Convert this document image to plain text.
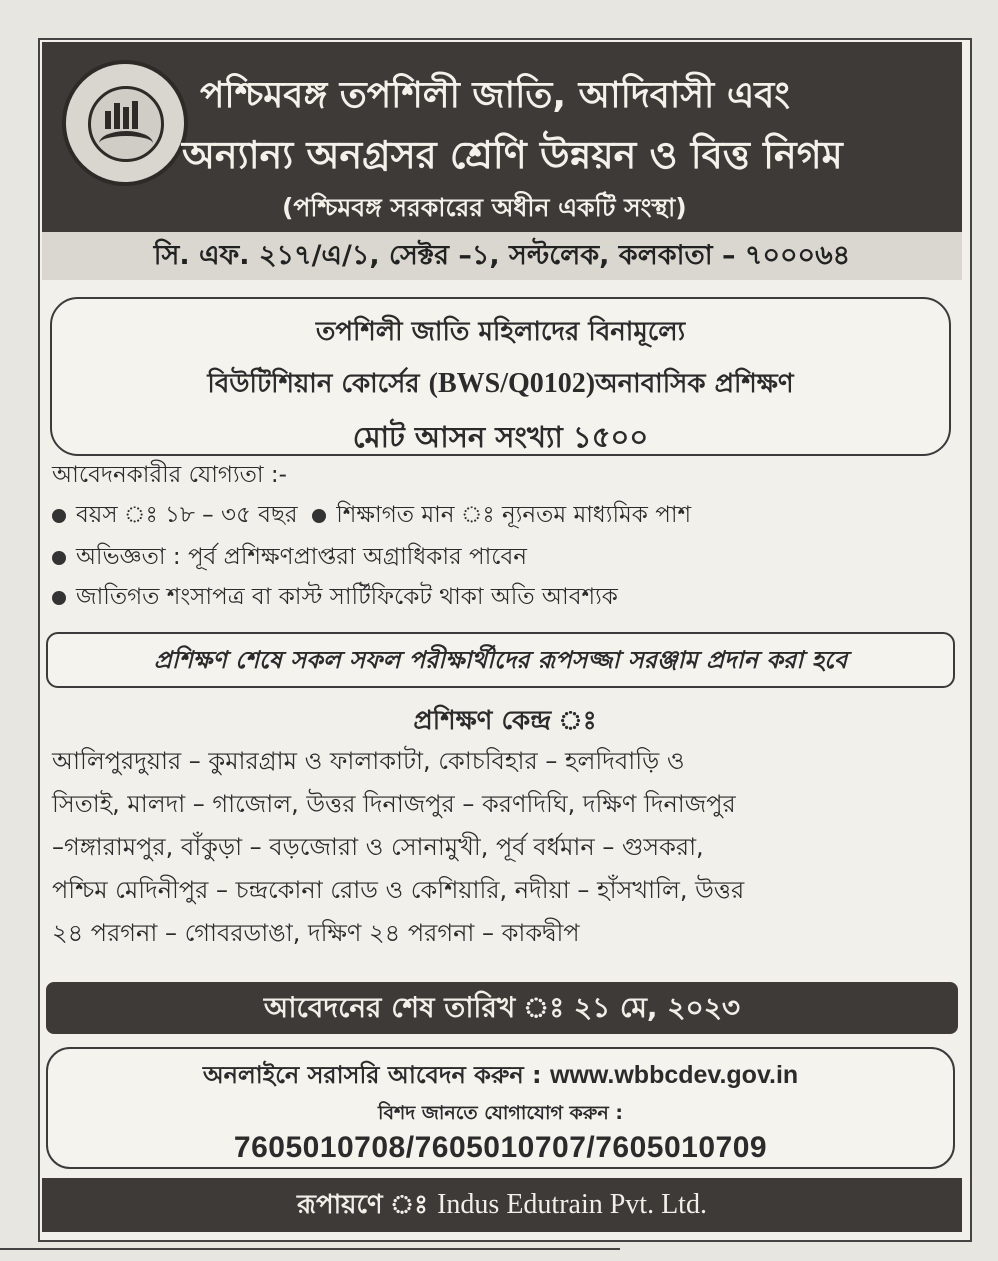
পশ্চিমবঙ্গ তপশিলী জাতি, আদিবাসী এবং
অন্যান্য অনগ্রসর শ্রেণি উন্নয়ন ও বিত্ত নিগম
(পশ্চিমবঙ্গ সরকারের অধীন একটি সংস্থা)
সি. এফ. ২১৭/এ/১, সেক্টর –১, সল্টলেক, কলকাতা – ৭০০০৬৪
তপশিলী জাতি মহিলাদের বিনামূল্যে
বিউটিশিয়ান কোর্সের (BWS/Q0102)অনাবাসিক প্রশিক্ষণ
মোট আসন সংখ্যা ১৫০০
আবেদনকারীর যোগ্যতা :-
বয়স ঃ ১৮ – ৩৫ বছর শিক্ষাগত মান ঃ ন্যূনতম মাধ্যমিক পাশ
অভিজ্ঞতা : পূর্ব প্রশিক্ষণপ্রাপ্তরা অগ্রাধিকার পাবেন
জাতিগত শংসাপত্র বা কাস্ট সার্টিফিকেট থাকা অতি আবশ্যক
প্রশিক্ষণ শেষে সকল সফল পরীক্ষার্থীদের রূপসজ্জা সরঞ্জাম প্রদান করা হবে
প্রশিক্ষণ কেন্দ্র ঃ
আলিপুরদুয়ার – কুমারগ্রাম ও ফালাকাটা, কোচবিহার – হলদিবাড়ি ও
সিতাই, মালদা – গাজোল, উত্তর দিনাজপুর – করণদিঘি, দক্ষিণ দিনাজপুর
–গঙ্গারামপুর, বাঁকুড়া – বড়জোরা ও সোনামুখী, পূর্ব বর্ধমান – গুসকরা,
পশ্চিম মেদিনীপুর – চন্দ্রকোনা রোড ও কেশিয়ারি, নদীয়া – হাঁসখালি, উত্তর
২৪ পরগনা – গোবরডাঙা, দক্ষিণ ২৪ পরগনা – কাকদ্বীপ
আবেদনের শেষ তারিখ ঃ ২১ মে, ২০২৩
অনলাইনে সরাসরি আবেদন করুন : www.wbbcdev.gov.in
বিশদ জানতে যোগাযোগ করুন :
7605010708/7605010707/7605010709
রূপায়ণে ঃ Indus Edutrain Pvt. Ltd.
